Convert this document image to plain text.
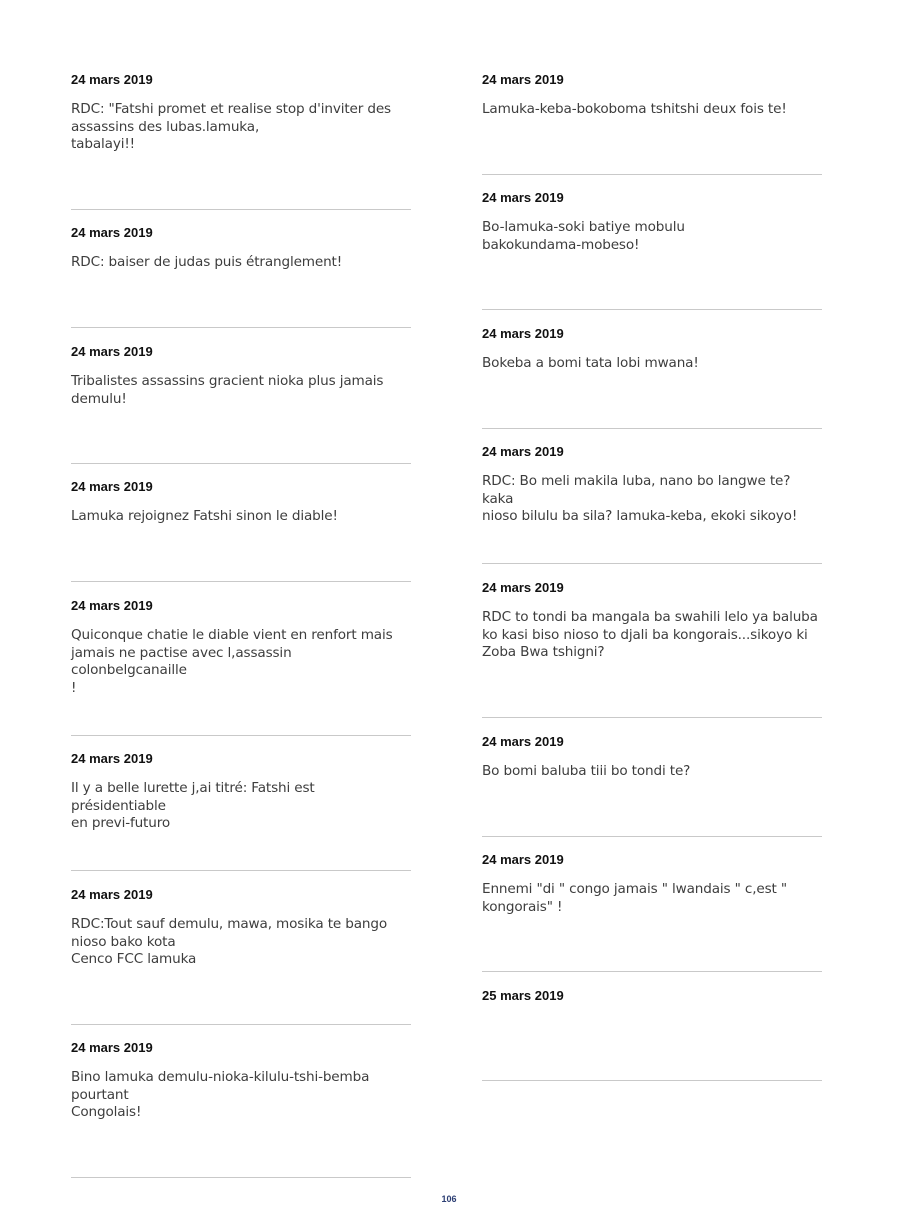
24 mars 2019
RDC: "Fatshi promet et realise stop d'inviter des
assassins des lubas.lamuka,
tabalayi!!
24 mars 2019
RDC: baiser de judas puis étranglement!
24 mars 2019
Tribalistes assassins gracient nioka plus jamais
demulu!
24 mars 2019
Lamuka rejoignez Fatshi sinon le diable!
24 mars 2019
Quiconque chatie le diable vient en renfort mais
jamais ne pactise avec l,assassin colonbelgcanaille
!
24 mars 2019
Il y a belle lurette j,ai titré: Fatshi est présidentiable
en previ-futuro
24 mars 2019
RDC:Tout sauf demulu, mawa, mosika te bango
nioso bako kota
Cenco FCC lamuka
24 mars 2019
Bino lamuka demulu-nioka-kilulu-tshi-bemba
pourtant
Congolais!
24 mars 2019
Lamuka-keba-bokoboma tshitshi deux fois te!
24 mars 2019
Bo-lamuka-soki batiye mobulu
bakokundama-mobeso!
24 mars 2019
Bokeba a bomi tata lobi mwana!
24 mars 2019
RDC: Bo meli makila luba, nano bo langwe te? kaka
nioso bilulu ba sila? lamuka-keba, ekoki sikoyo!
24 mars 2019
RDC to tondi ba mangala ba swahili lelo ya baluba
ko kasi biso nioso to djali ba kongorais...sikoyo ki
Zoba Bwa tshigni?
24 mars 2019
Bo bomi baluba tiii bo tondi te?
24 mars 2019
Ennemi "di " congo jamais " lwandais " c,est "
kongorais" !
25 mars 2019
106
